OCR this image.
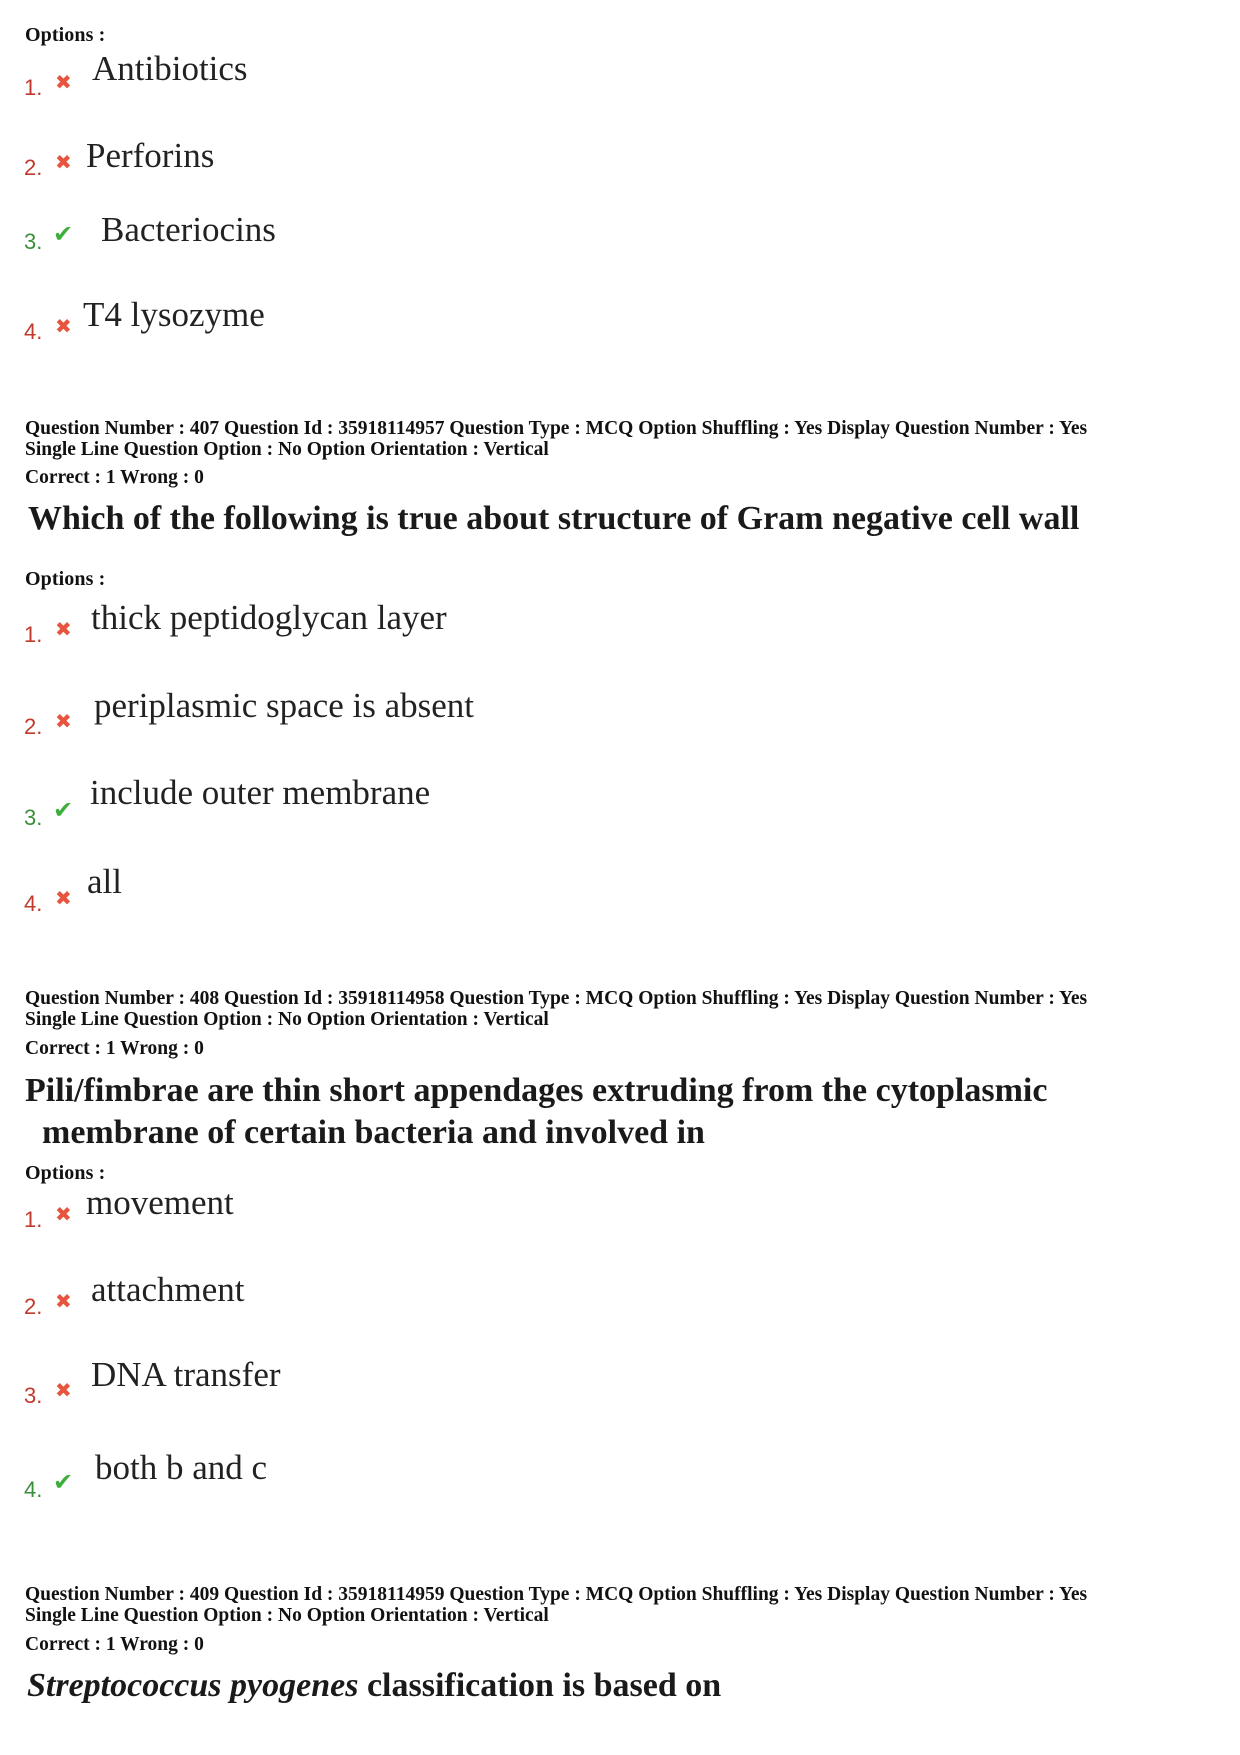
Options :
1. ✖ Antibiotics
2. ✖ Perforins
3. ✔ Bacteriocins
4. ✖ T4 lysozyme
Question Number : 407 Question Id : 35918114957 Question Type : MCQ Option Shuffling : Yes Display Question Number : Yes
Single Line Question Option : No Option Orientation : Vertical
Correct : 1 Wrong : 0
Which of the following is true about structure of Gram negative cell wall
Options :
1. ✖ thick peptidoglycan layer
2. ✖ periplasmic space is absent
3. ✔ include outer membrane
4. ✖ all
Question Number : 408 Question Id : 35918114958 Question Type : MCQ Option Shuffling : Yes Display Question Number : Yes
Single Line Question Option : No Option Orientation : Vertical
Correct : 1 Wrong : 0
Pili/fimbrae are thin short appendages extruding from the cytoplasmic
membrane of certain bacteria and involved in
Options :
1. ✖ movement
2. ✖ attachment
3. ✖ DNA transfer
4. ✔ both b and c
Question Number : 409 Question Id : 35918114959 Question Type : MCQ Option Shuffling : Yes Display Question Number : Yes
Single Line Question Option : No Option Orientation : Vertical
Correct : 1 Wrong : 0
Streptococcus pyogenes classification is based on
